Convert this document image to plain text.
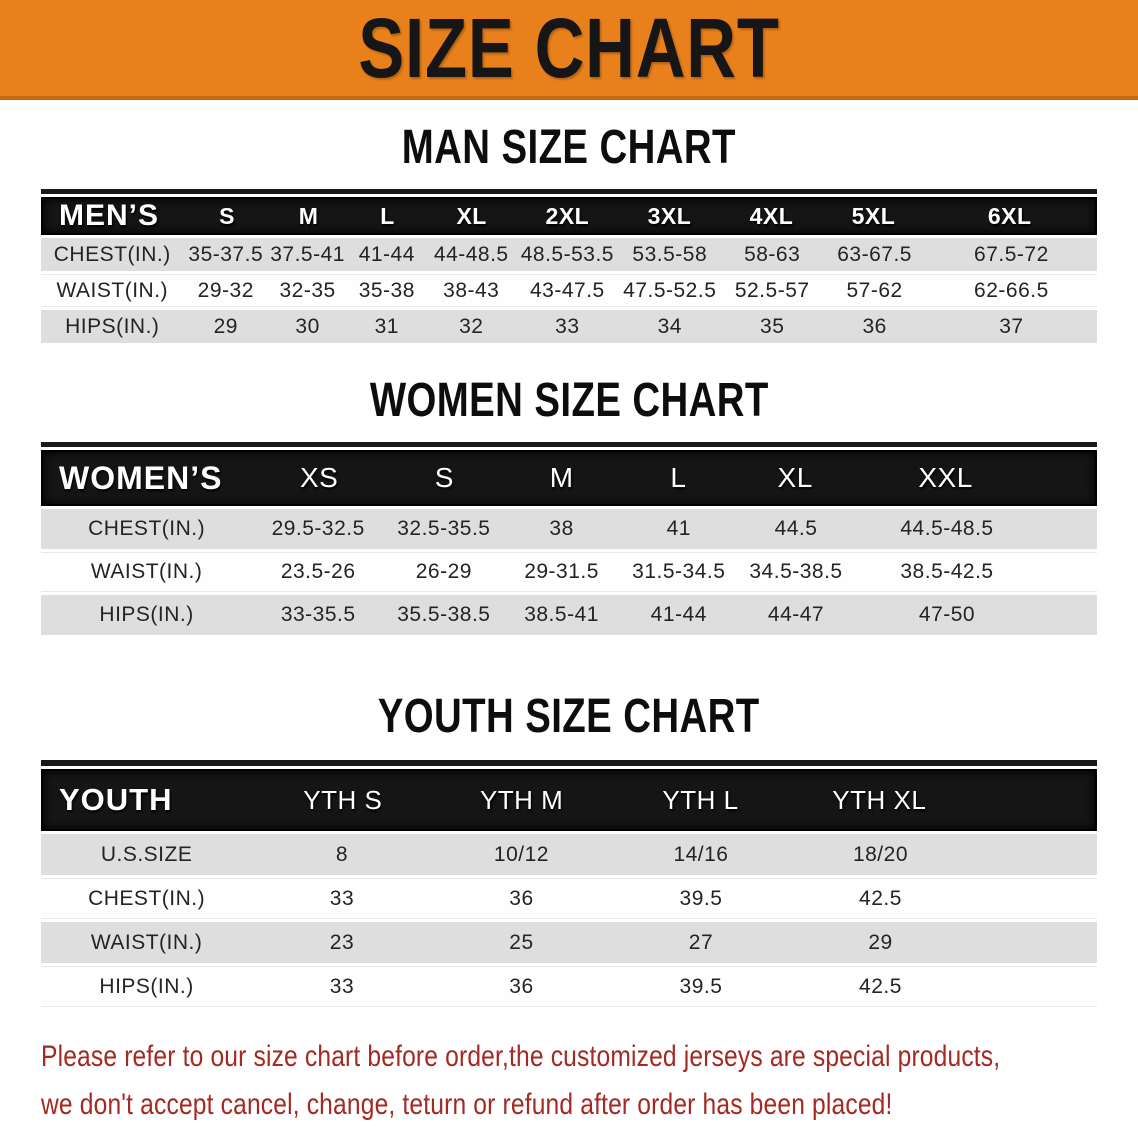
SIZE CHART
MAN SIZE CHART
MEN’S	S	M	L	XL	2XL	3XL	4XL	5XL	6XL
CHEST(IN.) 35-37.5 37.5-41 41-44 44-48.5 48.5-53.5 53.5-58	58-63	63-67.5	67.5-72
WAIST(IN.)	29-32	32-35	35-38	38-43	43-47.5 47.5-52.5 52.5-57	57-62	62-66.5
HIPS(IN.)	29	30	31	32	33	34	35	36	37
WOMEN SIZE CHART
WOMEN’S	XS	S	M	L	XL	XXL
CHEST(IN.)	29.5-32.5	32.5-35.5	38	41	44.5	44.5-48.5
WAIST(IN.)	23.5-26	26-29	29-31.5	31.5-34.5	34.5-38.5	38.5-42.5
HIPS(IN.)	33-35.5	35.5-38.5	38.5-41	41-44	44-47	47-50
YOUTH SIZE CHART
YOUTH	YTH S	YTH M	YTH L	YTH XL
U.S.SIZE	8	10/12	14/16	18/20
CHEST(IN.)	33	36	39.5	42.5
WAIST(IN.)	23	25	27	29
HIPS(IN.)	33	36	39.5	42.5

Please refer to our size chart before order,the customized jerseys are special products,

we don't accept cancel, change, teturn or refund after order has been placed!
